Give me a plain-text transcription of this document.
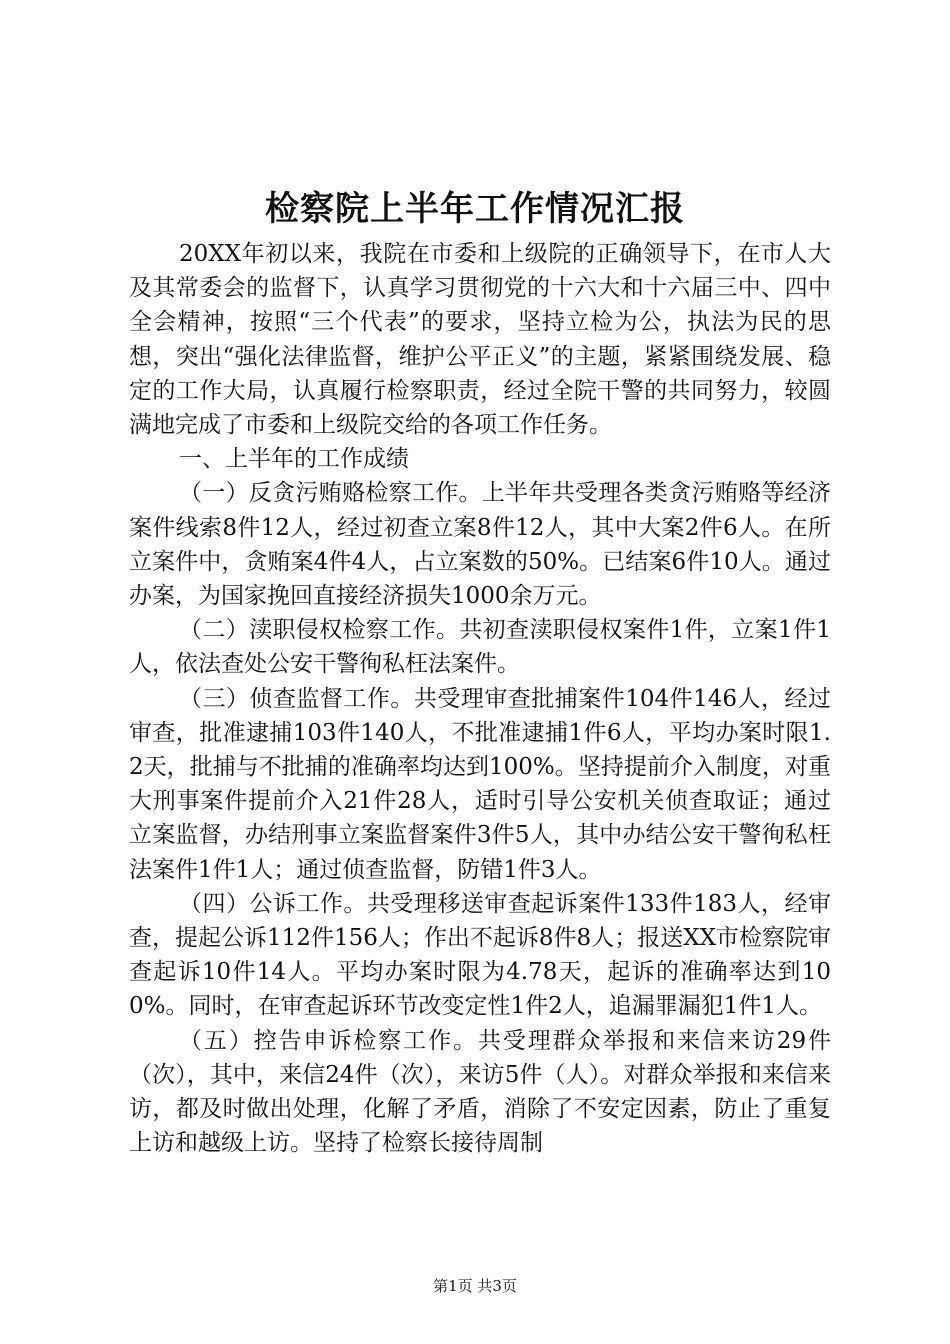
检察院上半年工作情况汇报

20XX年初以来，我院在市委和上级院的正确领导下，在市人大及其常委会的监督下，认真学习贯彻党的十六大和十六届三中、四中全会精神，按照“三个代表”的要求，坚持立检为公，执法为民的思想，突出“强化法律监督，维护公平正义”的主题，紧紧围绕发展、稳定的工作大局，认真履行检察职责，经过全院干警的共同努力，较圆满地完成了市委和上级院交给的各项工作任务。

一、上半年的工作成绩

（一）反贪污贿赂检察工作。上半年共受理各类贪污贿赂等经济案件线索8件12人，经过初查立案8件12人，其中大案2件6人。在所立案件中，贪贿案4件4人，占立案数的50%。已结案6件10人。通过办案，为国家挽回直接经济损失1000余万元。

（二）渎职侵权检察工作。共初查渎职侵权案件1件，立案1件1人，依法查处公安干警徇私枉法案件。

（三）侦查监督工作。共受理审查批捕案件104件146人，经过审查，批准逮捕103件140人，不批准逮捕1件6人，平均办案时限1.2天，批捕与不批捕的准确率均达到100%。坚持提前介入制度，对重大刑事案件提前介入21件28人，适时引导公安机关侦查取证；通过立案监督，办结刑事立案监督案件3件5人，其中办结公安干警徇私枉法案件1件1人；通过侦查监督，防错1件3人。

（四）公诉工作。共受理移送审查起诉案件133件183人，经审查，提起公诉112件156人；作出不起诉8件8人；报送XX市检察院审查起诉10件14人。平均办案时限为4.78天，起诉的准确率达到100%。同时，在审查起诉环节改变定性1件2人，追漏罪漏犯1件1人。

（五）控告申诉检察工作。共受理群众举报和来信来访29件（次），其中，来信24件（次），来访5件（人）。对群众举报和来信来访，都及时做出处理，化解了矛盾，消除了不安定因素，防止了重复上访和越级上访。坚持了检察长接待周制

第1页 共3页
